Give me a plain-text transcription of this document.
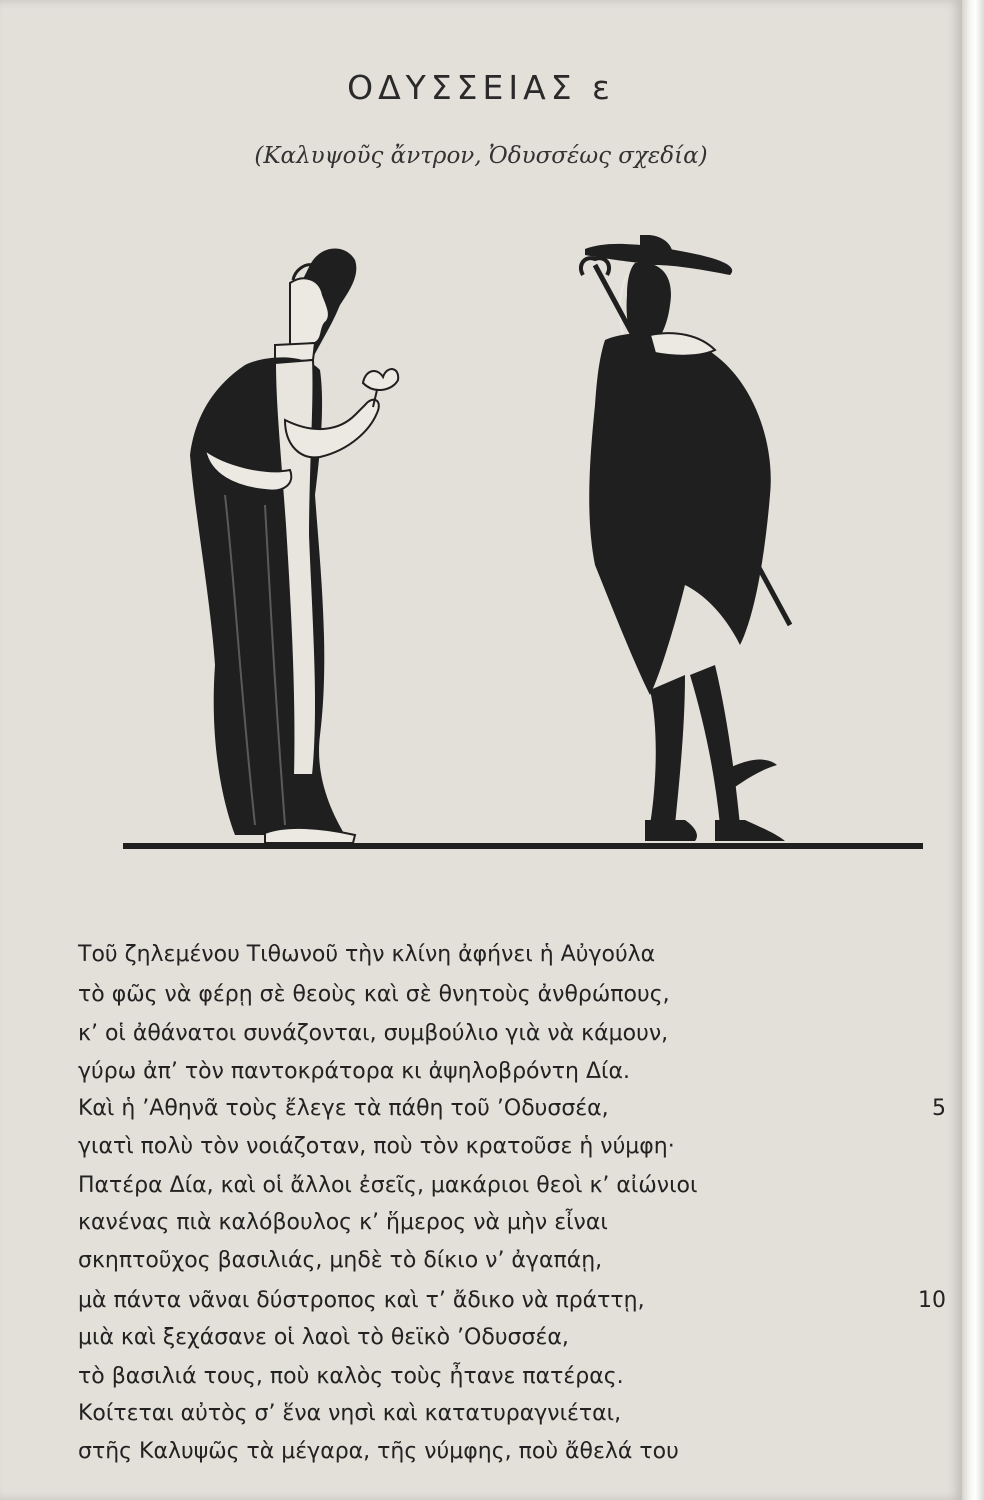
ΟΔΥΣΣΕΙΑΣ ε
(Καλυψοῦς ἄντρον, Ὀδυσσέως σχεδία)
Τοῦ ζηλεμένου Τιθωνοῦ τὴν κλίνη ἀφήνει ἡ Αὐγούλα
τὸ φῶς νὰ φέρῃ σὲ θεοὺς καὶ σὲ θνητοὺς ἀνθρώπους,
κ’ οἱ ἀθάνατοι συνάζονται, συμβούλιο γιὰ νὰ κάμουν,
γύρω ἀπ’ τὸν παντοκράτορα κι ἀψηλοβρόντη Δία.
Καὶ ἡ ’Αθηνᾶ τοὺς ἔλεγε τὰ πάθη τοῦ ’Οδυσσέα,	5
γιατὶ πολὺ τὸν νοιάζοταν, ποὺ τὸν κρατοῦσε ἡ νύμφη·
Πατέρα Δία, καὶ οἱ ἄλλοι ἐσεῖς, μακάριοι θεοὶ κ’ αἰώνιοι
κανένας πιὰ καλόβουλος κ’ ἥμερος νὰ μὴν εἶναι
σκηπτοῦχος βασιλιάς, μηδὲ τὸ δίκιο ν’ ἀγαπάῃ,
μὰ πάντα νᾶναι δύστροπος καὶ τ’ ἄδικο νὰ πράττῃ,	10
μιὰ καὶ ξεχάσανε οἱ λαοὶ τὸ θεϊκὸ ’Οδυσσέα,
τὸ βασιλιά τους, ποὺ καλὸς τοὺς ἦτανε πατέρας.
Κοίτεται αὐτὸς σ’ ἕνα νησὶ καὶ κατατυραγνιέται,
στῆς Καλυψῶς τὰ μέγαρα, τῆς νύμφης, ποὺ ἄθελά του
